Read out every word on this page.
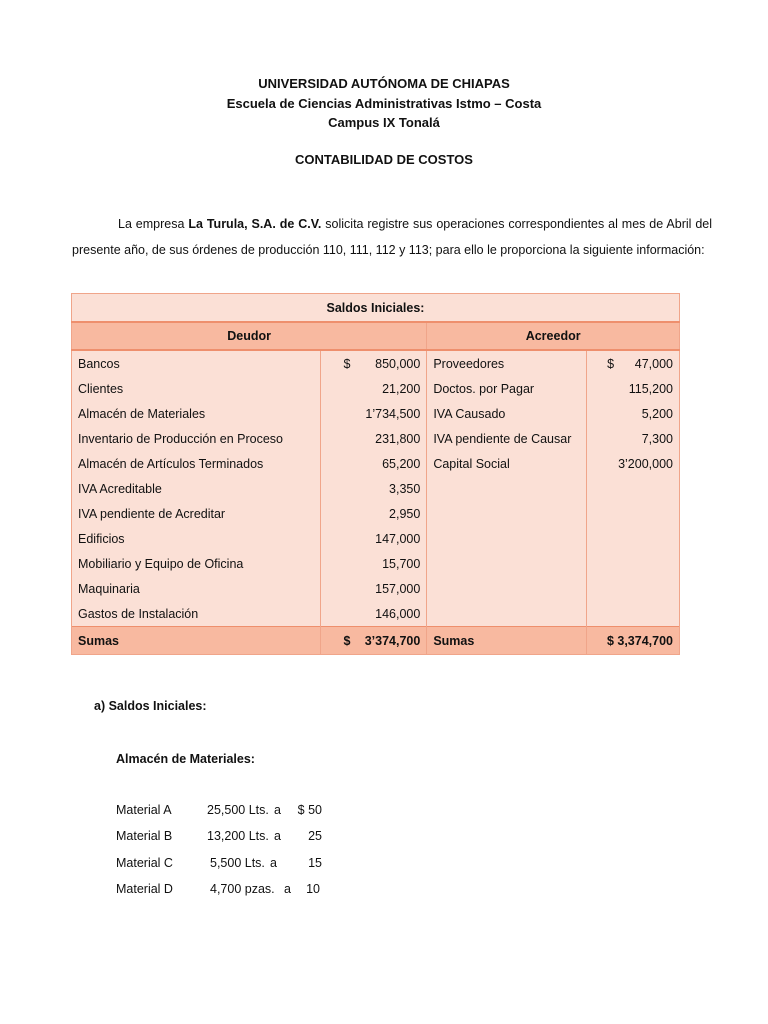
UNIVERSIDAD AUTÓNOMA DE CHIAPAS
Escuela de Ciencias Administrativas Istmo – Costa
Campus IX Tonalá
CONTABILIDAD DE COSTOS
La empresa La Turula, S.A. de C.V. solicita registre sus operaciones correspondientes al mes de Abril del presente año, de sus órdenes de producción 110, 111, 112 y 113; para ello le proporciona la siguiente información:
Saldos Iniciales:			
Deudor		Acreedor	
Bancos	$ 850,000	Proveedores	$ 47,000
Clientes	21,200	Doctos. por Pagar	115,200
Almacén de Materiales	1’734,500	IVA Causado	5,200
Inventario de Producción en Proceso	231,800	IVA pendiente de Causar	7,300
Almacén de Artículos Terminados	65,200	Capital Social	3’200,000
IVA Acreditable	3,350		

IVA pendiente de Acreditar	2,950		

Edificios	147,000		

Mobiliario y Equipo de Oficina	15,700		

Maquinaria	157,000		

Gastos de Instalación	146,000		

Sumas	$ 3’374,700	Sumas	$ 3,374,700
a) Saldos Iniciales:
Almacén de Materiales:
Material A	25,500 Lts. a $ 50
Material B	13,200 Lts. a 25
Material C	5,500 Lts. a 15
Material D	4,700 pzas. a 10
